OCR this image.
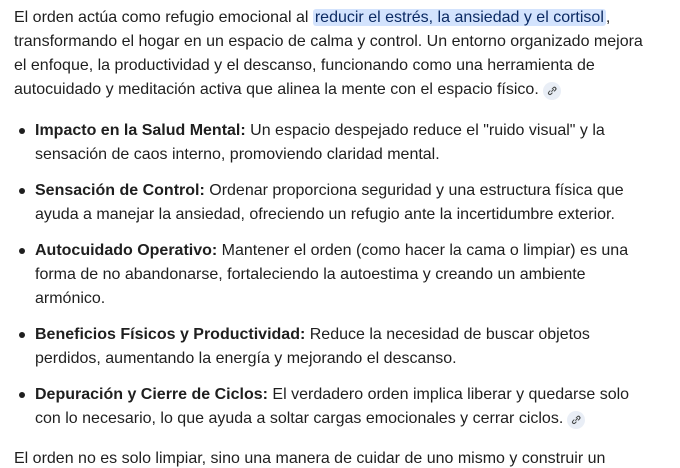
El orden actúa como refugio emocional al reducir el estrés, la ansiedad y el cortisol , transformando el hogar en un espacio de calma y control. Un entorno organizado mejora el enfoque, la productividad y el descanso, funcionando como una herramienta de autocuidado y meditación activa que alinea la mente con el espacio físico.

Impacto en la Salud Mental: Un espacio despejado reduce el "ruido visual" y la sensación de caos interno, promoviendo claridad mental.
Sensación de Control: Ordenar proporciona seguridad y una estructura física que ayuda a manejar la ansiedad, ofreciendo un refugio ante la incertidumbre exterior.
Autocuidado Operativo: Mantener el orden (como hacer la cama o limpiar) es una forma de no abandonarse, fortaleciendo la autoestima y creando un ambiente armónico.
Beneficios Físicos y Productividad: Reduce la necesidad de buscar objetos perdidos, aumentando la energía y mejorando el descanso.
Depuración y Cierre de Ciclos: El verdadero orden implica liberar y quedarse solo con lo necesario, lo que ayuda a soltar cargas emocionales y cerrar ciclos.

El orden no es solo limpiar, sino una manera de cuidar de uno mismo y construir un
